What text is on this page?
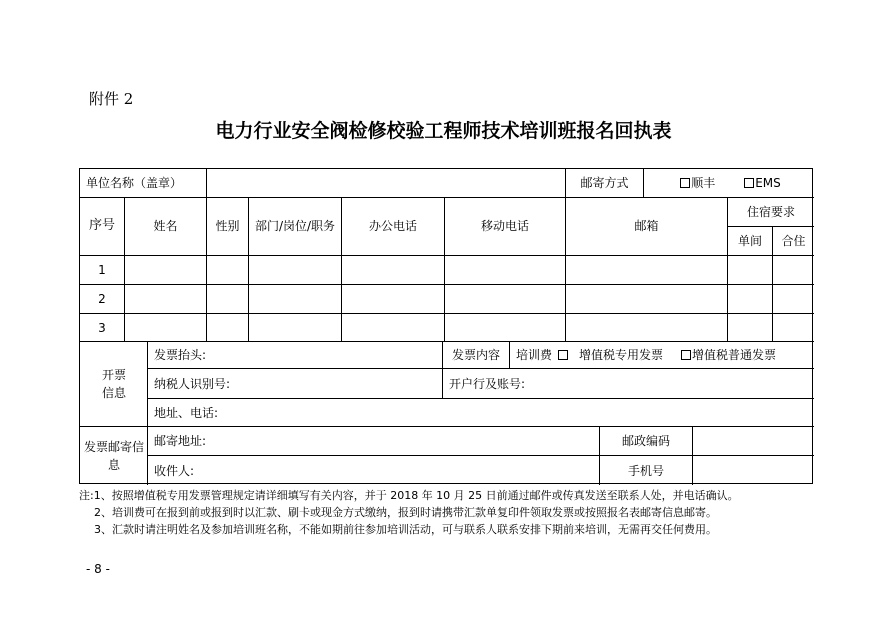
附件 2
电力行业安全阀检修校验工程师技术培训班报名回执表
单位名称（盖章）	邮寄方式	顺丰	EMS
序号	姓名	性别	部门/岗位/职务	办公电话	移动电话	邮箱
住宿要求
单间	合住
1
2
3
开票信息
发票抬头:	发票内容	培训费 增值税专用发票 增值税普通发票
纳税人识别号:	开户行及账号:
地址、电话:
发票邮寄信息
邮寄地址:	邮政编码
收件人:	手机号
注:1、按照增值税专用发票管理规定请详细填写有关内容，并于 2018 年 10 月 25 日前通过邮件或传真发送至联系人处，并电话确认。
2、培训费可在报到前或报到时以汇款、刷卡或现金方式缴纳，报到时请携带汇款单复印件领取发票或按照报名表邮寄信息邮寄。
3、汇款时请注明姓名及参加培训班名称，不能如期前往参加培训活动，可与联系人联系安排下期前来培训，无需再交任何费用。
- 8 -
